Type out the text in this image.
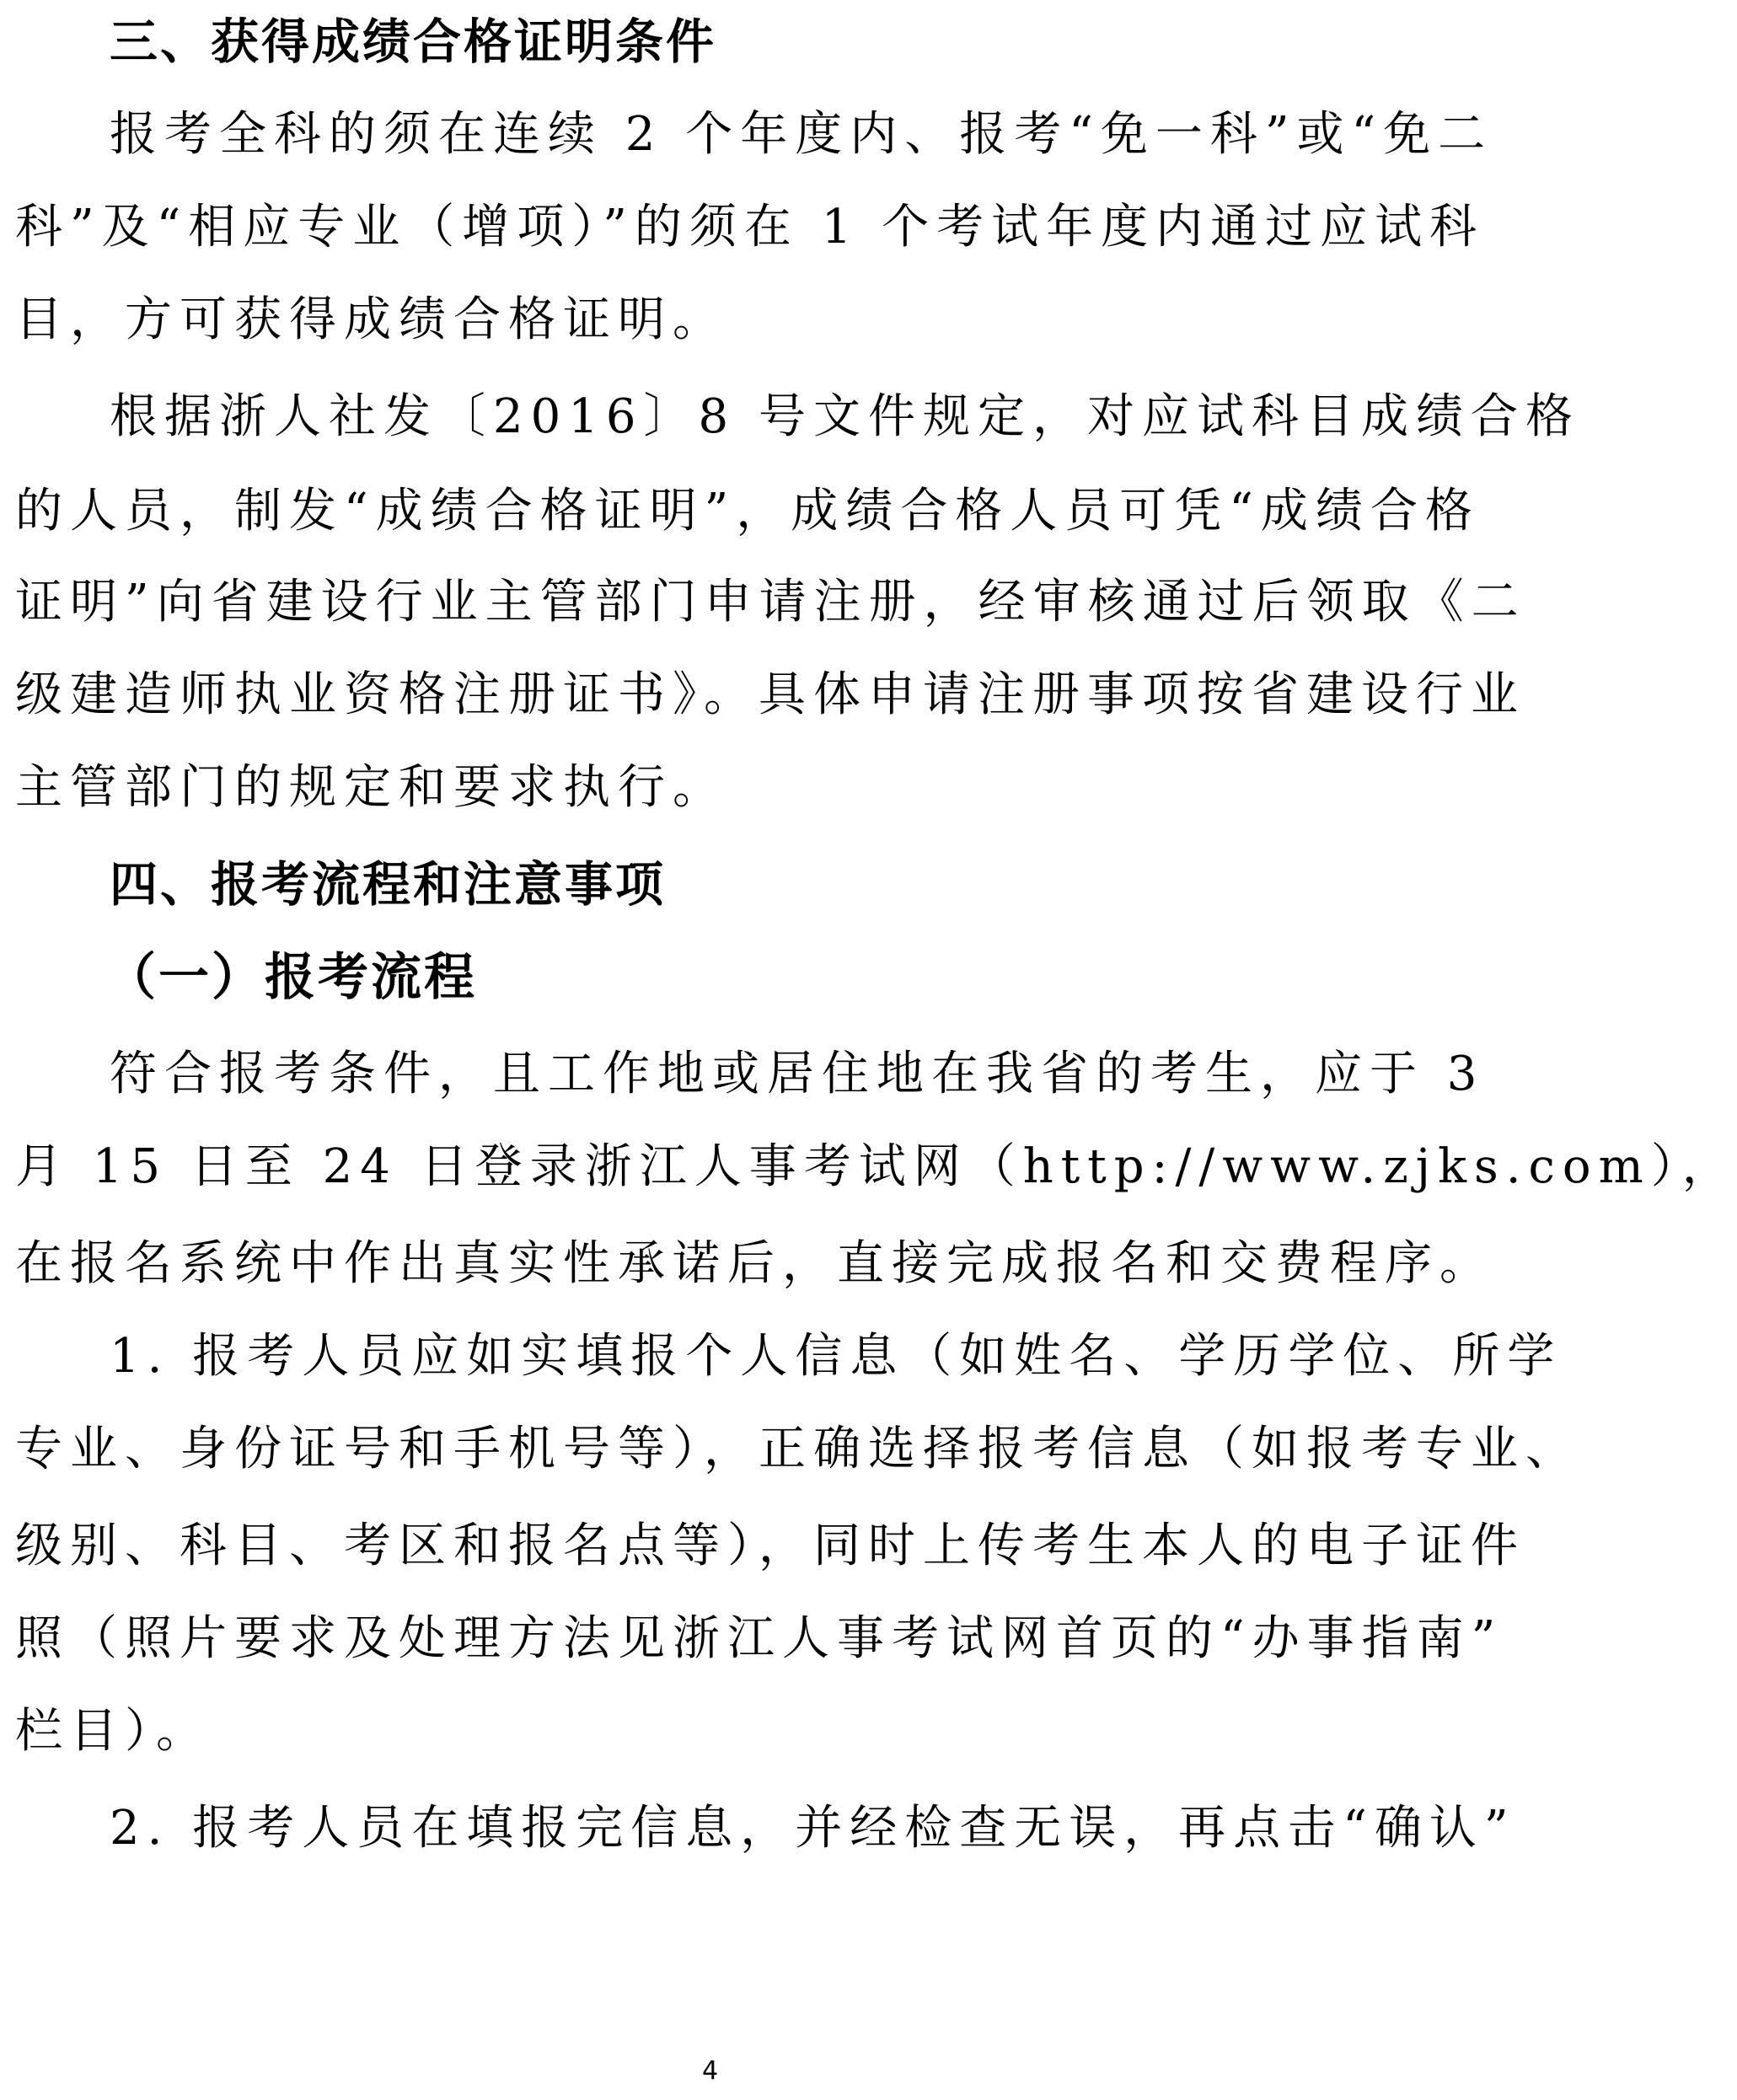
三、获得成绩合格证明条件
报考全科的须在连续 2 个年度内、报考“免一科”或“免二
科”及“相应专业（增项）”的须在 1 个考试年度内通过应试科
目，方可获得成绩合格证明。
根据浙人社发〔2016〕8 号文件规定，对应试科目成绩合格
的人员，制发“成绩合格证明”，成绩合格人员可凭“成绩合格
证明”向省建设行业主管部门申请注册，经审核通过后领取《二
级建造师执业资格注册证书》。具体申请注册事项按省建设行业
主管部门的规定和要求执行。
四、报考流程和注意事项
（一）报考流程
符合报考条件，且工作地或居住地在我省的考生，应于 3
月 15 日至 24 日登录浙江人事考试网（http://www.zjks.com），
在报名系统中作出真实性承诺后，直接完成报名和交费程序。
1. 报考人员应如实填报个人信息（如姓名、学历学位、所学
专业、身份证号和手机号等），正确选择报考信息（如报考专业、
级别、科目、考区和报名点等），同时上传考生本人的电子证件
照（照片要求及处理方法见浙江人事考试网首页的“办事指南”
栏目）。
2. 报考人员在填报完信息，并经检查无误，再点击“确认”
4
